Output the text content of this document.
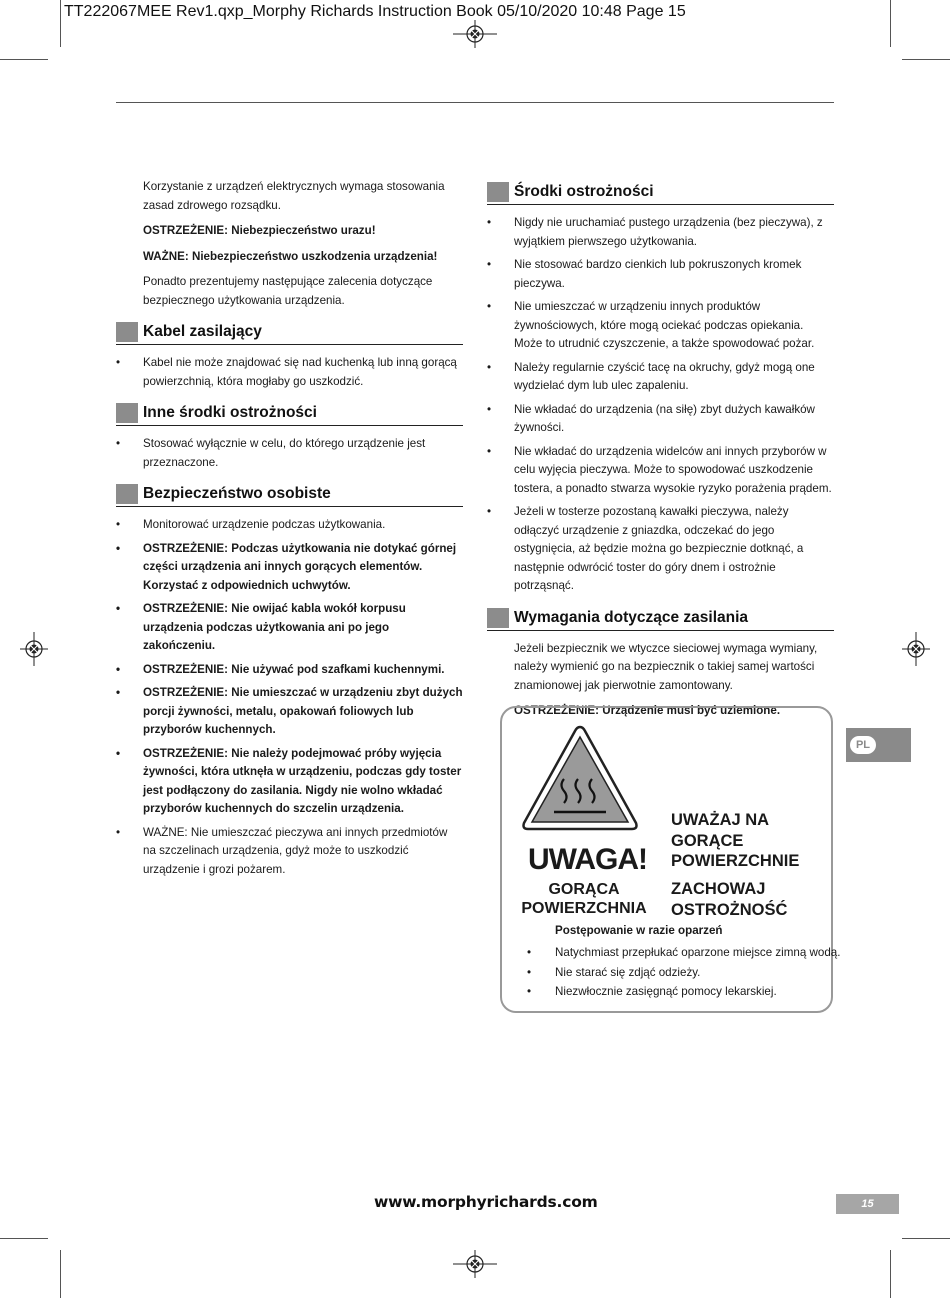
TT222067MEE Rev1.qxp_Morphy Richards Instruction Book 05/10/2020 10:48 Page 15

Korzystanie z urządzeń elektrycznych wymaga stosowania zasad zdrowego rozsądku.

OSTRZEŻENIE: Niebezpieczeństwo urazu!

WAŻNE: Niebezpieczeństwo uszkodzenia urządzenia!

Ponadto prezentujemy następujące zalecenia dotyczące bezpiecznego użytkowania urządzenia.

Kabel zasilający
• Kabel nie może znajdować się nad kuchenką lub inną gorącą powierzchnią, która mogłaby go uszkodzić.
Inne środki ostrożności
• Stosować wyłącznie w celu, do którego urządzenie jest przeznaczone.
Bezpieczeństwo osobiste
• Monitorować urządzenie podczas użytkowania.
• OSTRZEŻENIE: Podczas użytkowania nie dotykać górnej części urządzenia ani innych gorących elementów. Korzystać z odpowiednich uchwytów.
• OSTRZEŻENIE: Nie owijać kabla wokół korpusu urządzenia podczas użytkowania ani po jego zakończeniu.
• OSTRZEŻENIE: Nie używać pod szafkami kuchennymi.
• OSTRZEŻENIE: Nie umieszczać w urządzeniu zbyt dużych porcji żywności, metalu, opakowań foliowych lub przyborów kuchennych.
• OSTRZEŻENIE: Nie należy podejmować próby wyjęcia żywności, która utknęła w urządzeniu, podczas gdy toster jest podłączony do zasilania. Nigdy nie wolno wkładać przyborów kuchennych do szczelin urządzenia.
• WAŻNE: Nie umieszczać pieczywa ani innych przedmiotów na szczelinach urządzenia, gdyż może to uszkodzić urządzenie i grozi pożarem.
Środki ostrożności
• Nigdy nie uruchamiać pustego urządzenia (bez pieczywa), z wyjątkiem pierwszego użytkowania.
• Nie stosować bardzo cienkich lub pokruszonych kromek pieczywa.
• Nie umieszczać w urządzeniu innych produktów żywnościowych, które mogą ociekać podczas opiekania. Może to utrudnić czyszczenie, a także spowodować pożar.
• Należy regularnie czyścić tacę na okruchy, gdyż mogą one wydzielać dym lub ulec zapaleniu.
• Nie wkładać do urządzenia (na siłę) zbyt dużych kawałków żywności.
• Nie wkładać do urządzenia widelców ani innych przyborów w celu wyjęcia pieczywa. Może to spowodować uszkodzenie tostera, a ponadto stwarza wysokie ryzyko porażenia prądem.
• Jeżeli w tosterze pozostaną kawałki pieczywa, należy odłączyć urządzenie z gniazdka, odczekać do jego ostygnięcia, aż będzie można go bezpiecznie dotknąć, a następnie odwrócić toster do góry dnem i ostrożnie potrząsnąć.
Wymagania dotyczące zasilania

Jeżeli bezpiecznik we wtyczce sieciowej wymaga wymiany, należy wymienić go na bezpiecznik o takiej samej wartości znamionowej jak pierwotnie zamontowany.

OSTRZEŻENIE: Urządzenie musi być uziemione.

UWAGA!
GORĄCA POWIERZCHNIA
UWAŻAJ NA GORĄCE POWIERZCHNIE
ZACHOWAJ OSTROŻNOŚĆ
Postępowanie w razie oparzeń
• Natychmiast przepłukać oparzone miejsce zimną wodą.
• Nie starać się zdjąć odzieży.
• Niezwłocznie zasięgnąć pomocy lekarskiej.
PL
www.morphyrichards.com	15
